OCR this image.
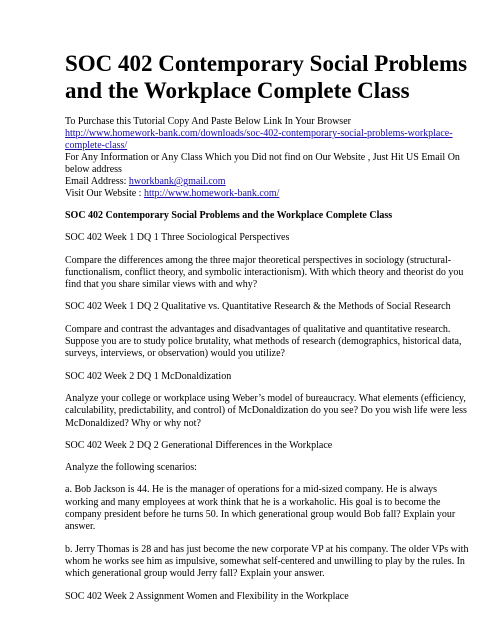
SOC 402 Contemporary Social Problems and the Workplace Complete Class
To Purchase this Tutorial Copy And Paste Below Link In Your Browser
http://www.homework-bank.com/downloads/soc-402-contemporary-social-problems-workplace-complete-class/
For Any Information or Any Class Which you Did not find on Our Website , Just Hit US Email On below address
Email Address: hworkbank@gmail.com
Visit Our Website : http://www.homework-bank.com/

SOC 402 Contemporary Social Problems and the Workplace Complete Class

SOC 402 Week 1 DQ 1 Three Sociological Perspectives

Compare the differences among the three major theoretical perspectives in sociology (structural-functionalism, conflict theory, and symbolic interactionism). With which theory and theorist do you find that you share similar views with and why?

SOC 402 Week 1 DQ 2 Qualitative vs. Quantitative Research & the Methods of Social Research

Compare and contrast the advantages and disadvantages of qualitative and quantitative research. Suppose you are to study police brutality, what methods of research (demographics, historical data, surveys, interviews, or observation) would you utilize?

SOC 402 Week 2 DQ 1 McDonaldization

Analyze your college or workplace using Weber’s model of bureaucracy. What elements (efficiency, calculability, predictability, and control) of McDonaldization do you see? Do you wish life were less McDonaldized? Why or why not?

SOC 402 Week 2 DQ 2 Generational Differences in the Workplace

Analyze the following scenarios:

a. Bob Jackson is 44. He is the manager of operations for a mid-sized company. He is always working and many employees at work think that he is a workaholic. His goal is to become the company president before he turns 50. In which generational group would Bob fall? Explain your answer.

b. Jerry Thomas is 28 and has just become the new corporate VP at his company. The older VPs with whom he works see him as impulsive, somewhat self-centered and unwilling to play by the rules. In which generational group would Jerry fall? Explain your answer.

SOC 402 Week 2 Assignment Women and Flexibility in the Workplace
